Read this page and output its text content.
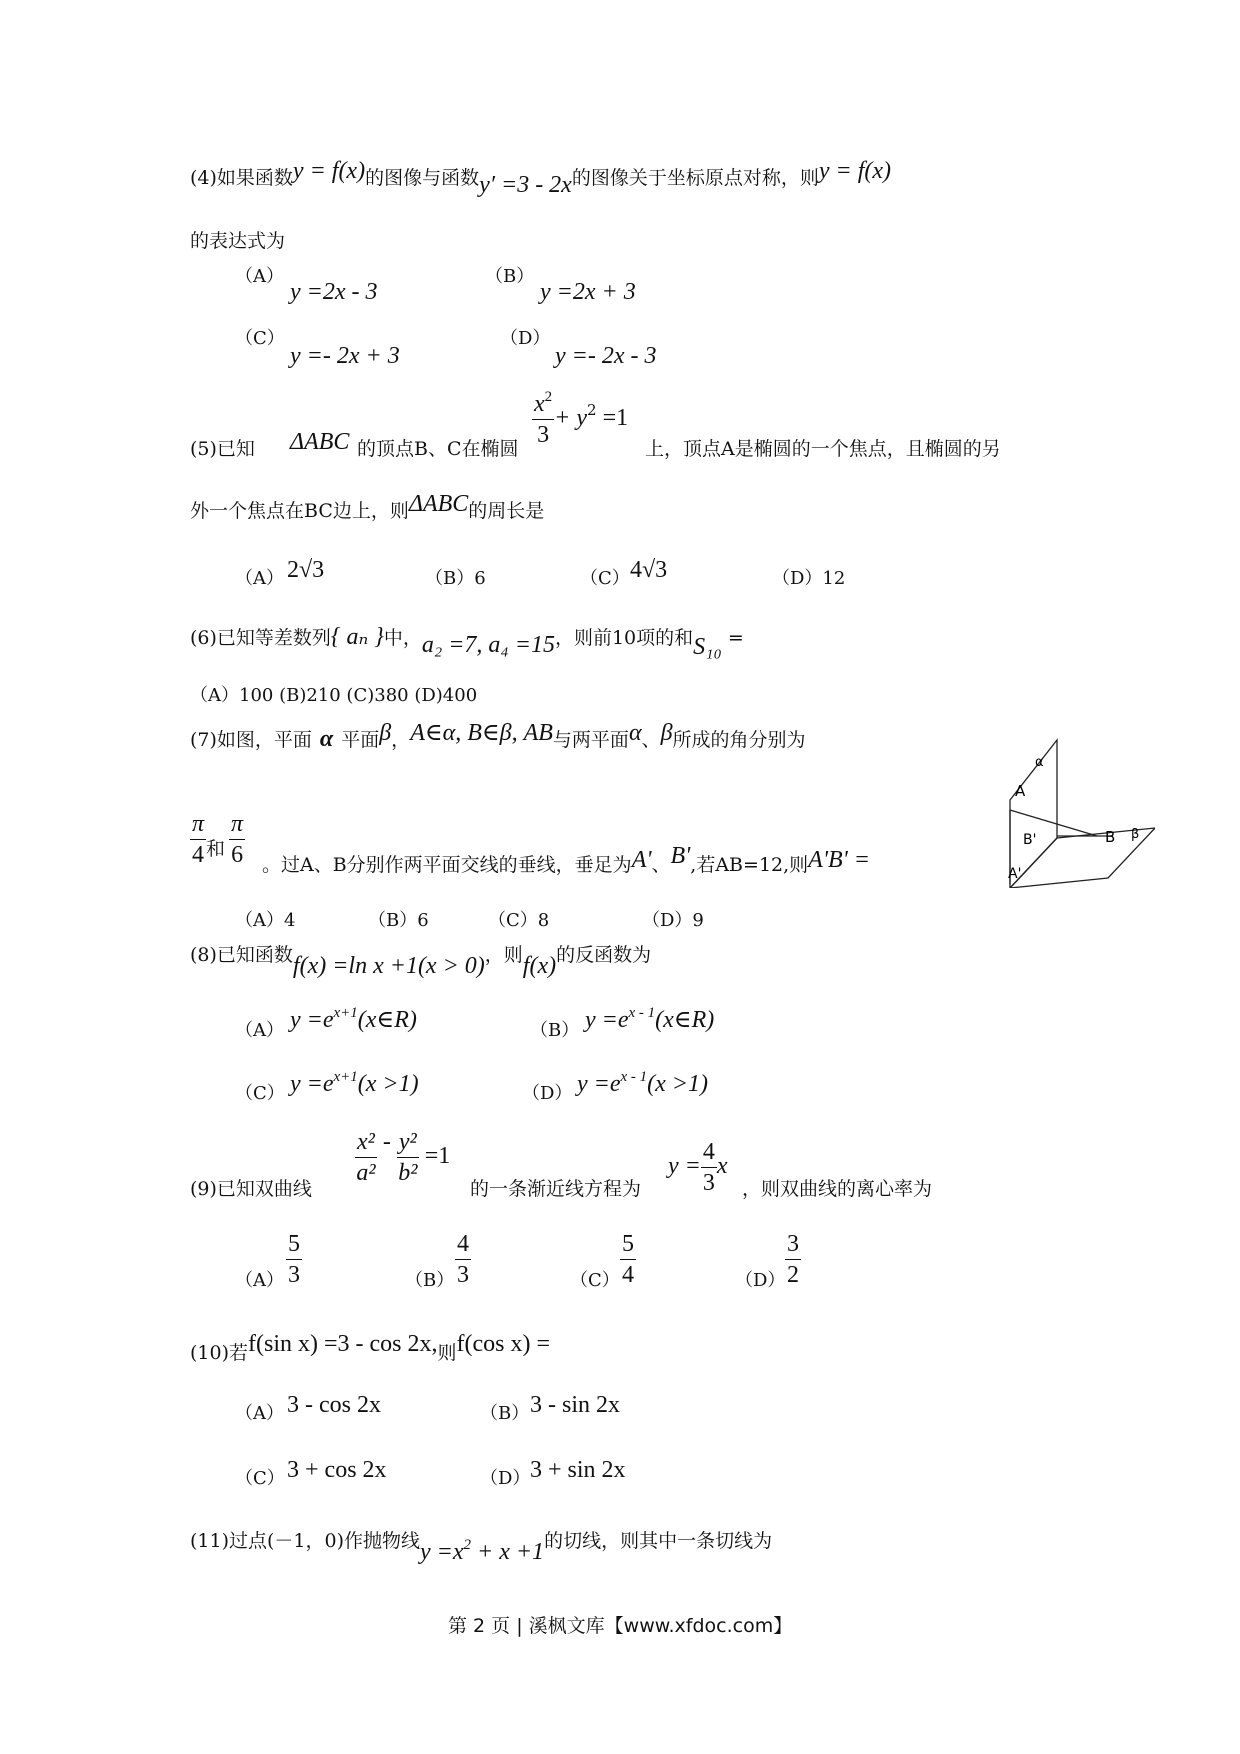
(4)如果函数y = f(x)的图像与函数y′ =3 - 2x的图像关于坐标原点对称，则y = f(x)
的表达式为
（A）
y =2x - 3
（B）
y =2x + 3
（C）
y =- 2x + 3
（D）
y =- 2x - 3
(5)已知 ΔABC 的顶点B、C在椭圆
$\frac{x^2}{3} + y^2 =1$
上，顶点A是椭圆的一个焦点，且椭圆的另
外一个焦点在BC边上，则ΔABC的周长是
（A） 2√3	（B）6	（C） 4√3	（D）12
(6)已知等差数列{ aₙ }中，a₂ =7, a₄ =15，则前10项的和S₁₀ =
（A）100 (B)210 (C)380 (D)400
(7)如图，平面 α 平面β，A∈α, B∈β, AB与两平面α、β所成的角分别为
$\frac{\pi}{4}$ 和 $\frac{\pi}{6}$ 。过A、B分别作两平面交线的垂线，垂足为A'、B',若AB=12,则A'B' =
（A）4	（B）6	（C）8	（D）9
α
A
B'	B β
A'
(8)已知函数f(x) =ln x +1(x > 0)，则f(x)的反函数为
（A） $y =e^{x+1}(x\in R)$	（B） $y =e^{x - 1}(x\in R)$
（C） $y =e^{x+1}(x >1)$	（D） $y =e^{x - 1}(x >1)$
(9)已知双曲线
$\frac{\text{x²}}{\text{a²}} - \frac{\text{y²}}{\text{b²}} =1$
的一条渐近线方程为
$y = \frac{4}{3}$ x
，则双曲线的离心率为
$(A) \frac{5}{3}$	$(B) \frac{4}{3}$	$(C) \frac{5}{4}$	$(D) \frac{3}{2}$
(10)若f(sin x) =3 - cos 2x,则f(cos x) =
（A） 3 - cos 2x	（B） 3 - sin 2x
（C） 3 + cos 2x	（D） 3 + sin 2x
(11)过点(－1，0)作抛物线$y =x^2 + x +1$的切线，则其中一条切线为
第 2 页 | 溪枫文库【www.xfdoc.com】
